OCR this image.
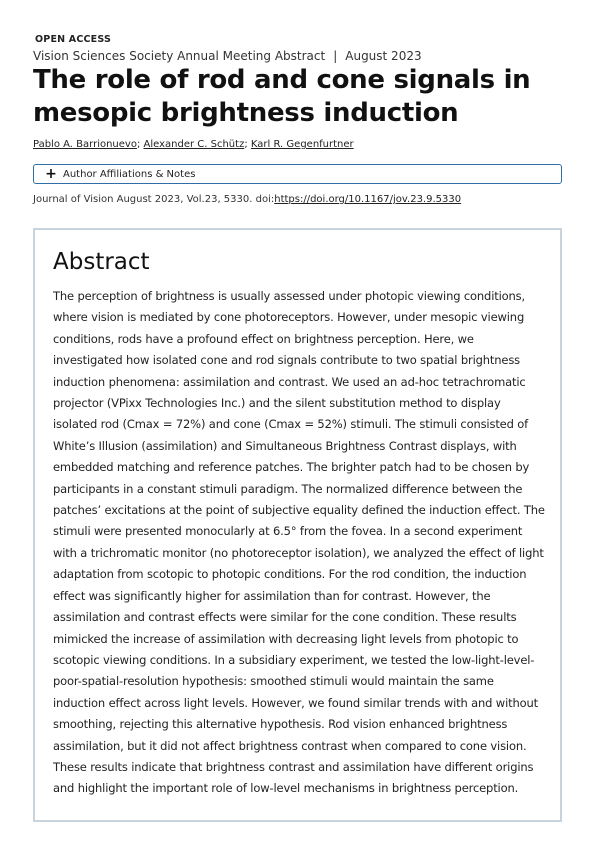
OPEN ACCESS
Vision Sciences Society Annual Meeting Abstract | August 2023
The role of rod and cone signals in mesopic brightness induction
Pablo A. Barrionuevo; Alexander C. Schütz; Karl R. Gegenfurtner
+ Author Affiliations & Notes
Journal of Vision August 2023, Vol.23, 5330. doi:https://doi.org/10.1167/jov.23.9.5330
Abstract

The perception of brightness is usually assessed under photopic viewing conditions, where vision is mediated by cone photoreceptors. However, under mesopic viewing conditions, rods have a profound effect on brightness perception. Here, we investigated how isolated cone and rod signals contribute to two spatial brightness induction phenomena: assimilation and contrast. We used an ad-hoc tetrachromatic projector (VPixx Technologies Inc.) and the silent substitution method to display isolated rod (Cmax = 72%) and cone (Cmax = 52%) stimuli. The stimuli consisted of White’s Illusion (assimilation) and Simultaneous Brightness Contrast displays, with embedded matching and reference patches. The brighter patch had to be chosen by participants in a constant stimuli paradigm. The normalized difference between the patches’ excitations at the point of subjective equality defined the induction effect. The stimuli were presented monocularly at 6.5° from the fovea. In a second experiment with a trichromatic monitor (no photoreceptor isolation), we analyzed the effect of light adaptation from scotopic to photopic conditions. For the rod condition, the induction effect was significantly higher for assimilation than for contrast. However, the assimilation and contrast effects were similar for the cone condition. These results mimicked the increase of assimilation with decreasing light levels from photopic to scotopic viewing conditions. In a subsidiary experiment, we tested the low-light-level-poor-spatial-resolution hypothesis: smoothed stimuli would maintain the same induction effect across light levels. However, we found similar trends with and without smoothing, rejecting this alternative hypothesis. Rod vision enhanced brightness assimilation, but it did not affect brightness contrast when compared to cone vision. These results indicate that brightness contrast and assimilation have different origins and highlight the important role of low-level mechanisms in brightness perception.
